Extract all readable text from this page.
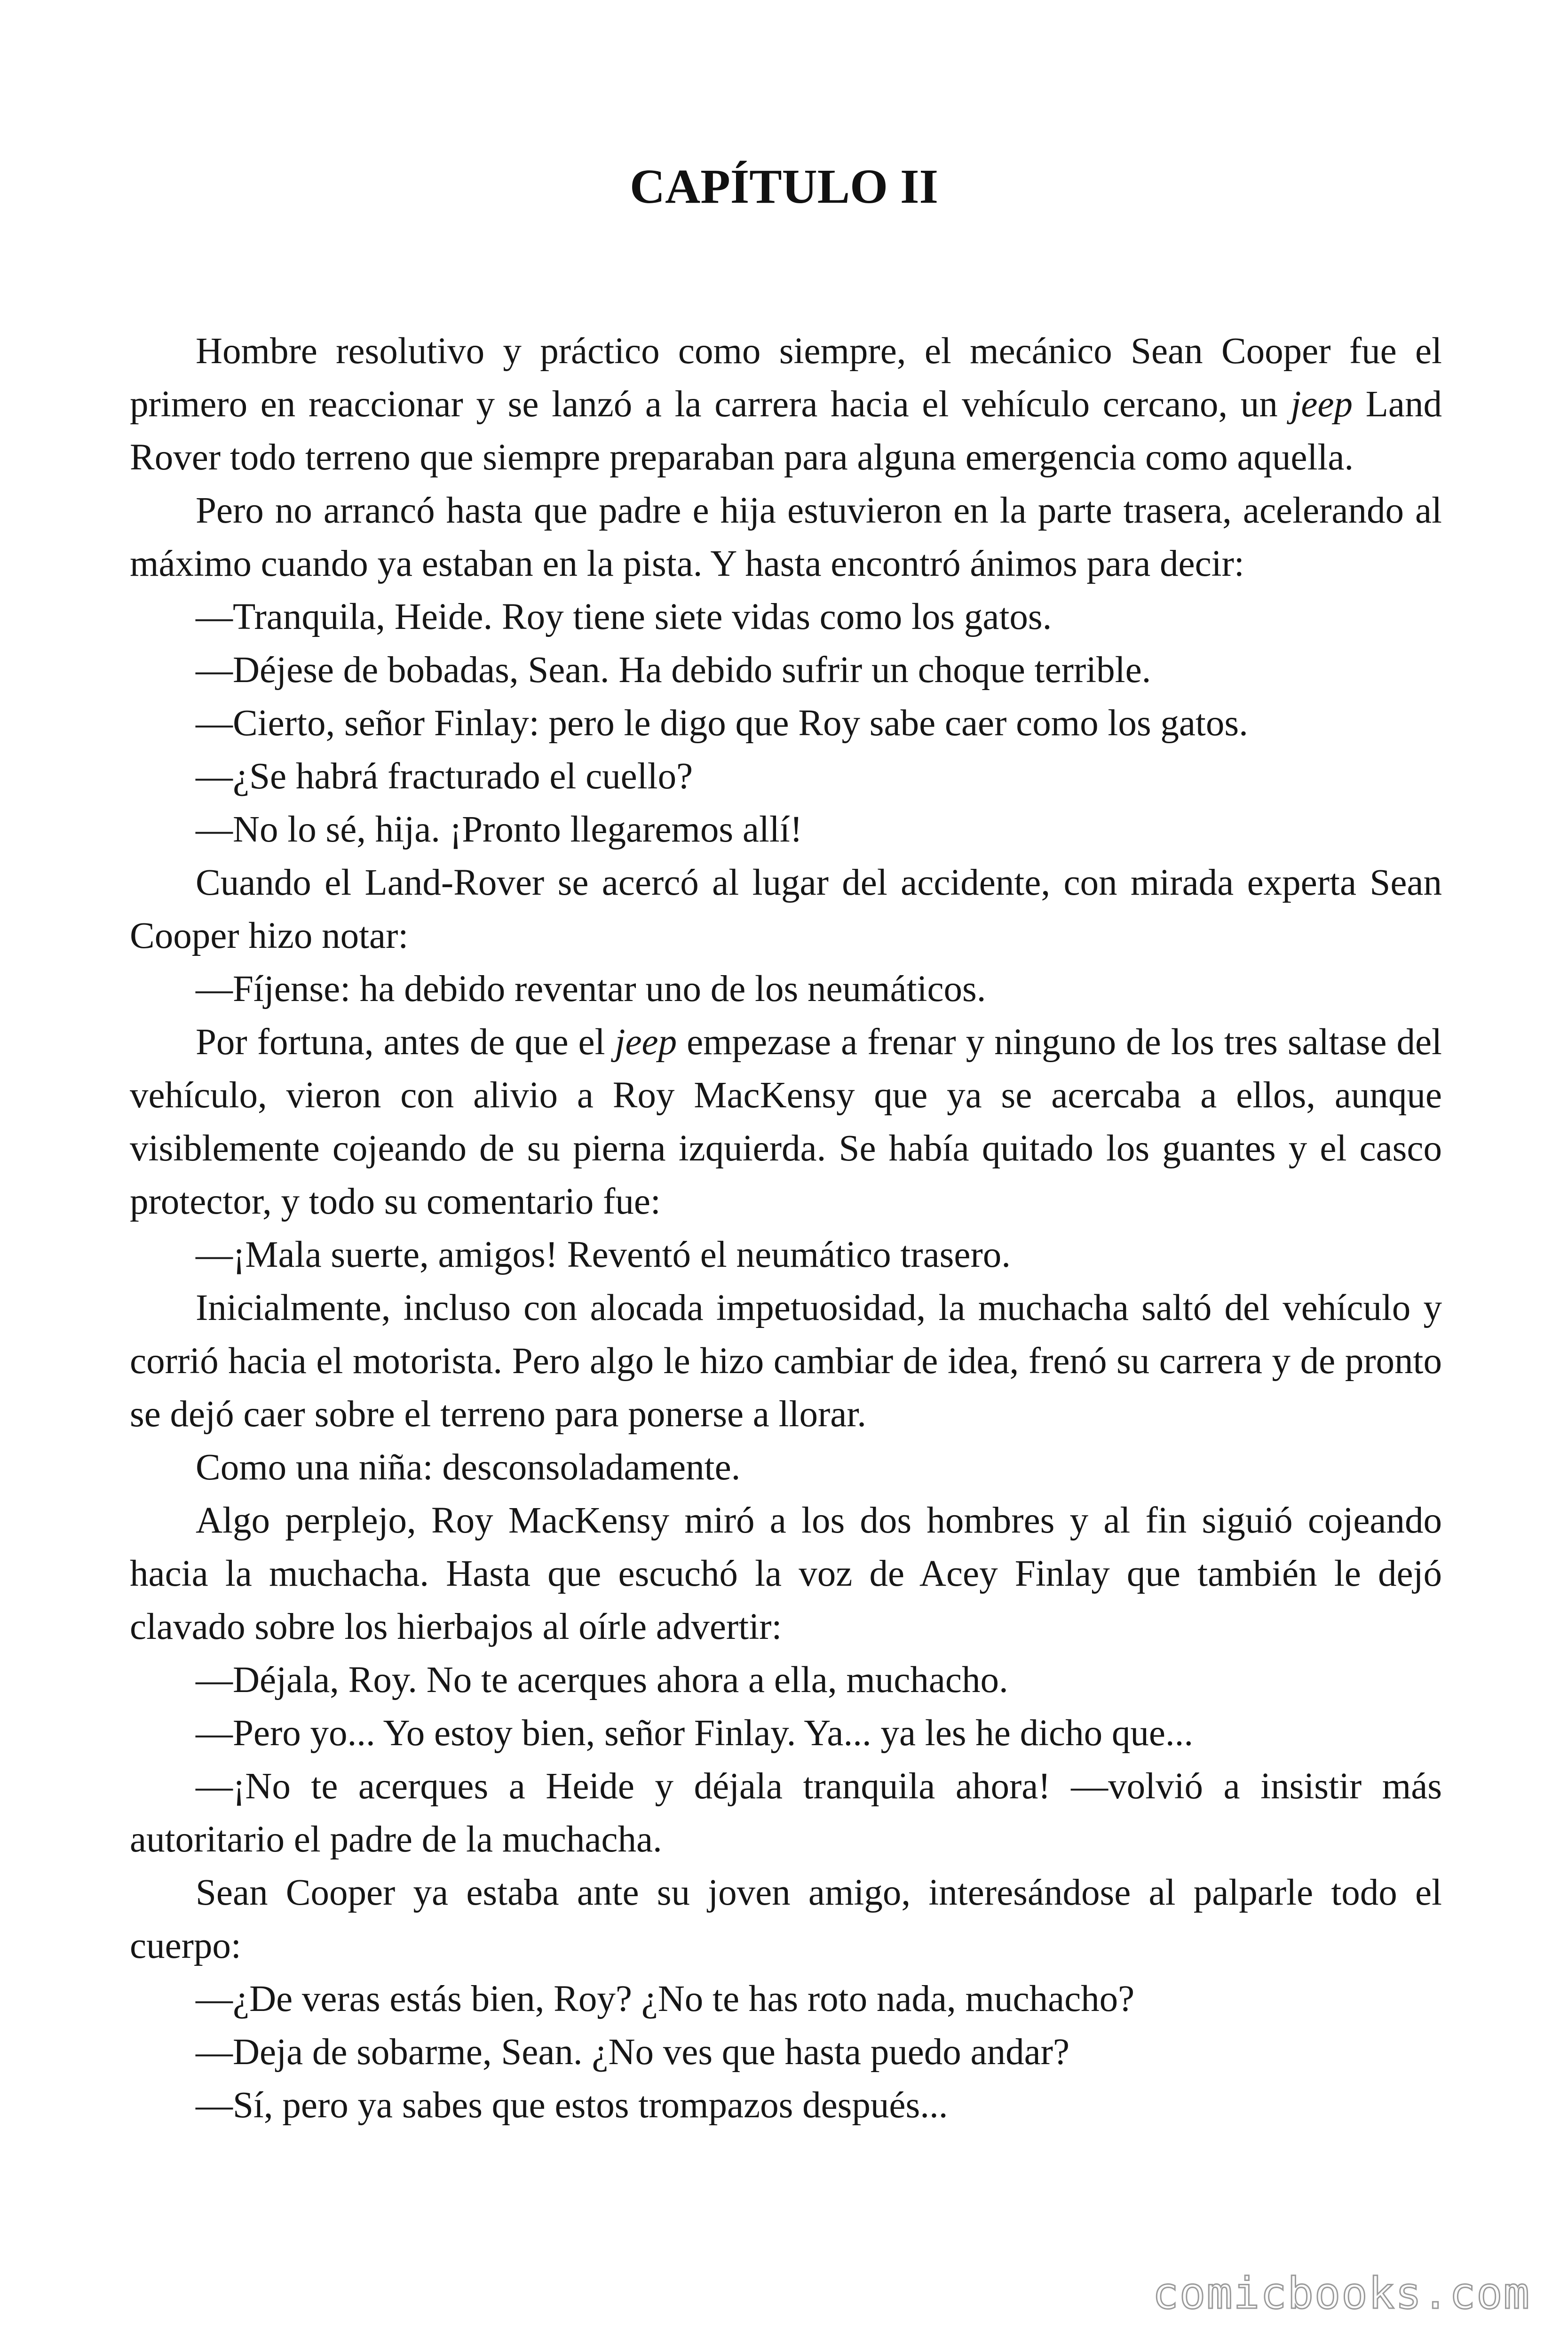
CAPÍTULO II

Hombre resolutivo y práctico como siempre, el mecánico Sean Cooper fue el primero en reaccionar y se lanzó a la carrera hacia el vehículo cercano, un jeep Land Rover todo terreno que siempre preparaban para alguna emergencia como aquella.

Pero no arrancó hasta que padre e hija estuvieron en la parte trasera, acelerando al máximo cuando ya estaban en la pista. Y hasta encontró ánimos para decir:

—Tranquila, Heide. Roy tiene siete vidas como los gatos.

—Déjese de bobadas, Sean. Ha debido sufrir un choque terrible.

—Cierto, señor Finlay: pero le digo que Roy sabe caer como los gatos.

—¿Se habrá fracturado el cuello?

—No lo sé, hija. ¡Pronto llegaremos allí!

Cuando el Land-Rover se acercó al lugar del accidente, con mirada experta Sean Cooper hizo notar:

—Fíjense: ha debido reventar uno de los neumáticos.

Por fortuna, antes de que el jeep empezase a frenar y ninguno de los tres saltase del vehículo, vieron con alivio a Roy MacKensy que ya se acercaba a ellos, aunque visiblemente cojeando de su pierna izquierda. Se había quitado los guantes y el casco protector, y todo su comentario fue:

—¡Mala suerte, amigos! Reventó el neumático trasero.

Inicialmente, incluso con alocada impetuosidad, la muchacha saltó del vehículo y corrió hacia el motorista. Pero algo le hizo cambiar de idea, frenó su carrera y de pronto se dejó caer sobre el terreno para ponerse a llorar.

Como una niña: desconsoladamente.

Algo perplejo, Roy MacKensy miró a los dos hombres y al fin siguió cojeando hacia la muchacha. Hasta que escuchó la voz de Acey Finlay que también le dejó clavado sobre los hierbajos al oírle advertir:

—Déjala, Roy. No te acerques ahora a ella, muchacho.

—Pero yo... Yo estoy bien, señor Finlay. Ya... ya les he dicho que...

—¡No te acerques a Heide y déjala tranquila ahora! —volvió a insistir más autoritario el padre de la muchacha.

Sean Cooper ya estaba ante su joven amigo, interesándose al palparle todo el cuerpo:

—¿De veras estás bien, Roy? ¿No te has roto nada, muchacho?

—Deja de sobarme, Sean. ¿No ves que hasta puedo andar?

—Sí, pero ya sabes que estos trompazos después...

comicbooks.com
